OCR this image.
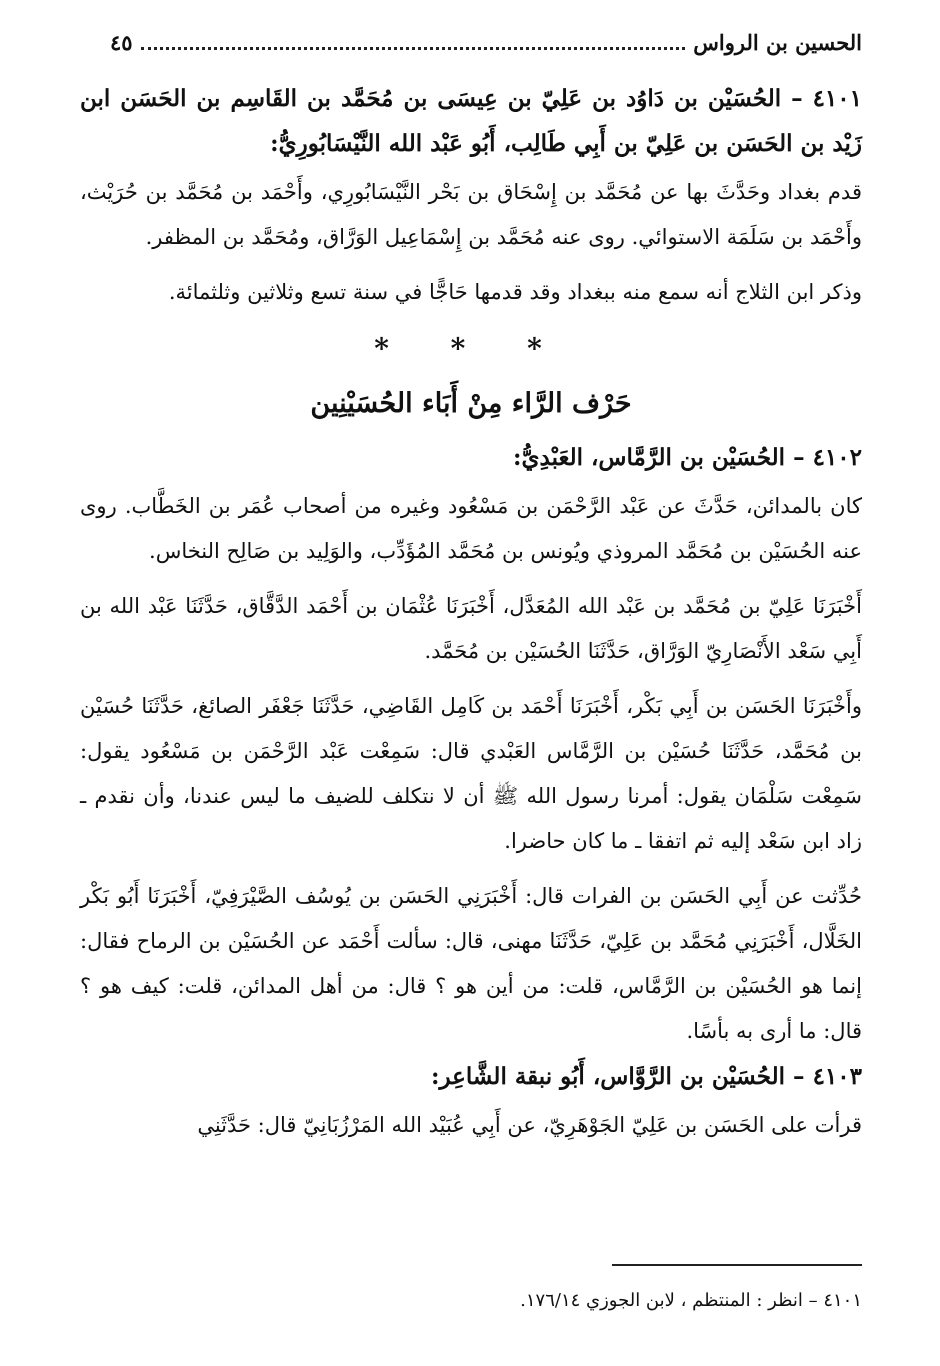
الحسين بن الرواس
٤٥

٤١٠١ – الحُسَيْن بن دَاوُد بن عَلِيّ بن عِيسَى بن مُحَمَّد بن القَاسِم بن الحَسَن ابن زَيْد بن الحَسَن بن عَلِيّ بن أَبِي طَالِب، أَبُو عَبْد الله النَّيْسَابُورِيُّ:

قدم بغداد وحَدَّثَ بها عن مُحَمَّد بن إِسْحَاق بن بَحْر النَّيْسَابُورِي، وأَحْمَد بن مُحَمَّد بن حُرَيْث، وأَحْمَد بن سَلَمَة الاستوائي. روى عنه مُحَمَّد بن إِسْمَاعِيل الوَرَّاق، ومُحَمَّد بن المظفر.

وذكر ابن الثلاج أنه سمع منه ببغداد وقد قدمها حَاجًّا في سنة تسع وثلاثين وثلثمائة.

* * *
حَرْف الرَّاء مِنْ أَبَاء الحُسَيْنِين

٤١٠٢ – الحُسَيْن بن الرَّمَّاس، العَبْدِيُّ:

كان بالمدائن، حَدَّثَ عن عَبْد الرَّحْمَن بن مَسْعُود وغيره من أصحاب عُمَر بن الخَطَّاب. روى عنه الحُسَيْن بن مُحَمَّد المروذي ويُونس بن مُحَمَّد المُؤَدِّب، والوَلِيد بن صَالِح النخاس.

أَخْبَرَنَا عَلِيّ بن مُحَمَّد بن عَبْد الله المُعَدَّل، أَخْبَرَنَا عُثْمَان بن أَحْمَد الدَّقَّاق، حَدَّثَنَا عَبْد الله بن أَبِي سَعْد الأَنْصَارِيّ الوَرَّاق، حَدَّثَنَا الحُسَيْن بن مُحَمَّد.

وأَخْبَرَنَا الحَسَن بن أَبِي بَكْر، أَخْبَرَنَا أَحْمَد بن كَامِل القَاضِي، حَدَّثَنَا جَعْفَر الصائغ، حَدَّثَنَا حُسَيْن بن مُحَمَّد، حَدَّثَنَا حُسَيْن بن الرَّمَّاس العَبْدي قال: سَمِعْت عَبْد الرَّحْمَن بن مَسْعُود يقول: سَمِعْت سَلْمَان يقول: أمرنا رسول الله ﷺ أن لا نتكلف للضيف ما ليس عندنا، وأن نقدم ـ زاد ابن سَعْد إليه ثم اتفقا ـ ما كان حاضرا.

حُدِّثت عن أَبِي الحَسَن بن الفرات قال: أَخْبَرَنِي الحَسَن بن يُوسُف الصَّيْرَفِيّ، أَخْبَرَنَا أَبُو بَكْر الخَلَّال، أَخْبَرَنِي مُحَمَّد بن عَلِيّ، حَدَّثَنَا مهنى، قال: سألت أَحْمَد عن الحُسَيْن بن الرماح فقال: إنما هو الحُسَيْن بن الرَّمَّاس، قلت: من أين هو ؟ قال: من أهل المدائن، قلت: كيف هو ؟ قال: ما أرى به بأسًا.

٤١٠٣ – الحُسَيْن بن الرَّوَّاس، أَبُو نبقة الشَّاعِر:

قرأت على الحَسَن بن عَلِيّ الجَوْهَرِيّ، عن أَبِي عُبَيْد الله المَرْزُبَانِيّ قال: حَدَّثَنِي

٤١٠١ – انظر : المنتظم ، لابن الجوزي ١٧٦/١٤.
